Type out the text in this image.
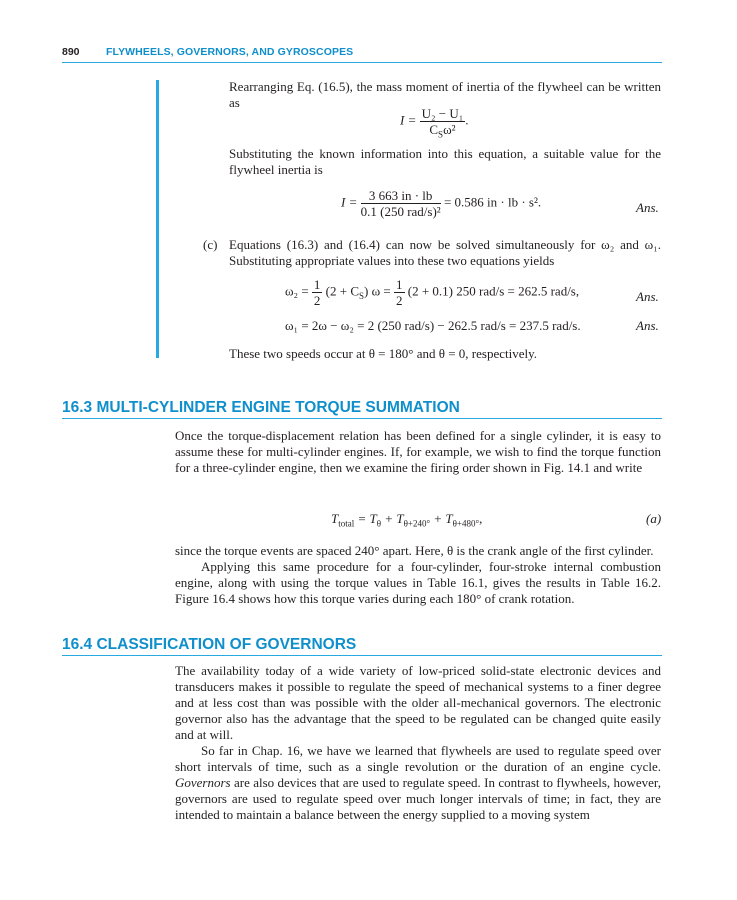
890	FLYWHEELS, GOVERNORS, AND GYROSCOPES

Rearranging Eq. (16.5), the mass moment of inertia of the flywheel can be written as

$I = \frac{\text{U₂ − U₁}}{C_S\omega^2}$ .

Substituting the known information into this equation, a suitable value for the flywheel inertia is

$I = \frac{3 663 in \cdot lb}{\text{0.1 (250 rad/s)²}} = 0.586$ in · lb · s².	Ans.

(c) Equations (16.3) and (16.4) can now be solved simultaneously for ω₂ and ω₁. Substituting appropriate values into these two equations yields

$\omega_2 = \frac{1}{2} (2 + C_S) \omega = \frac{1}{2} (2 + 0.1)$ 250 rad/s = 262.5 rad/s,	Ans.
ω₁ = 2ω − ω₂ = 2 (250 rad/s) − 262.5 rad/s = 237.5 rad/s.	Ans.

These two speeds occur at θ = 180° and θ = 0, respectively.

16.3 MULTI-CYLINDER ENGINE TORQUE SUMMATION

Once the torque-displacement relation has been defined for a single cylinder, it is easy to assume these for multi-cylinder engines. If, for example, we wish to find the torque function for a three-cylinder engine, then we examine the firing order shown in Fig. 14.1 and write

$T_{total} = T_\theta + T_{\theta+240^\circ} + T_{\theta+480^\circ}$,	(a)

since the torque events are spaced 240° apart. Here, θ is the crank angle of the first cylinder.

Applying this same procedure for a four-cylinder, four-stroke internal combustion engine, along with using the torque values in Table 16.1, gives the results in Table 16.2. Figure 16.4 shows how this torque varies during each 180° of crank rotation.

16.4 CLASSIFICATION OF GOVERNORS

The availability today of a wide variety of low-priced solid-state electronic devices and transducers makes it possible to regulate the speed of mechanical systems to a finer degree and at less cost than was possible with the older all-mechanical governors. The electronic governor also has the advantage that the speed to be regulated can be changed quite easily and at will.

So far in Chap. 16, we have we learned that flywheels are used to regulate speed over short intervals of time, such as a single revolution or the duration of an engine cycle. Governors are also devices that are used to regulate speed. In contrast to flywheels, however, governors are used to regulate speed over much longer intervals of time; in fact, they are intended to maintain a balance between the energy supplied to a moving system
